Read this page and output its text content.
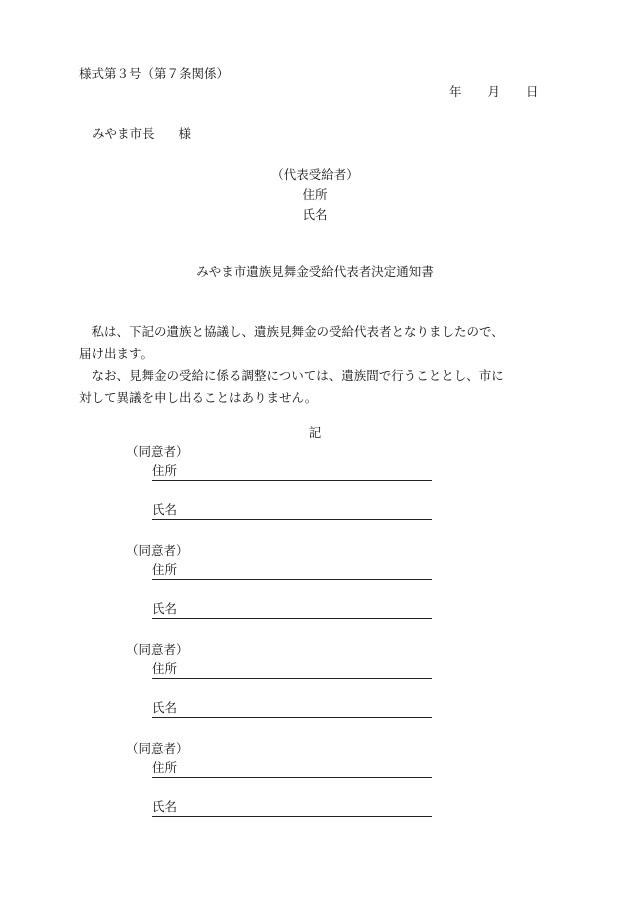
様式第３号（第７条関係）
年 月 日
みやま市長 様
（代表受給者）
住所
氏名
みやま市遺族見舞金受給代表者決定通知書
　私は、下記の遺族と協議し、遺族見舞金の受給代表者となりましたので、
届け出ます。
　なお、見舞金の受給に係る調整については、遺族間で行うこととし、市に
対して異議を申し出ることはありません。
記
（同意者）
住所
氏名
（同意者）
住所
氏名
（同意者）
住所
氏名
（同意者）
住所
氏名
